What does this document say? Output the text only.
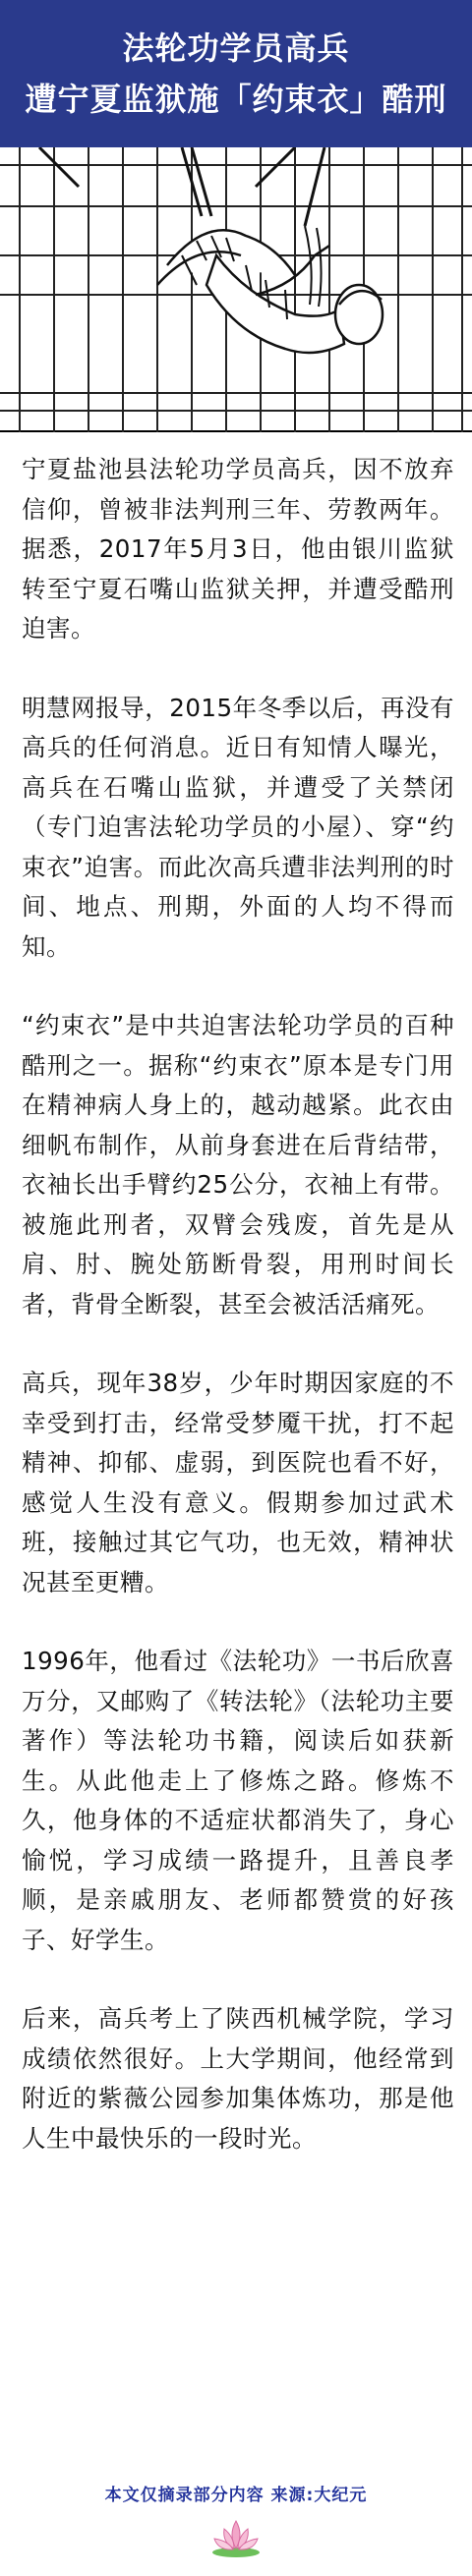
法轮功学员高兵
遭宁夏监狱施「约束衣」酷刑

宁夏盐池县法轮功学员高兵，因不放弃信仰，曾被非法判刑三年、劳教两年。据悉，2017年5月3日，他由银川监狱转至宁夏石嘴山监狱关押，并遭受酷刑迫害。

明慧网报导，2015年冬季以后，再没有高兵的任何消息。近日有知情人曝光，高兵在石嘴山监狱，并遭受了关禁闭（专门迫害法轮功学员的小屋）、穿“约束衣”迫害。而此次高兵遭非法判刑的时间、地点、刑期，外面的人均不得而知。

“约束衣”是中共迫害法轮功学员的百种酷刑之一。据称“约束衣”原本是专门用在精神病人身上的，越动越紧。此衣由细帆布制作，从前身套进在后背结带，衣袖长出手臂约25公分，衣袖上有带。被施此刑者，双臂会残废，首先是从肩、肘、腕处筋断骨裂，用刑时间长者，背骨全断裂，甚至会被活活痛死。

高兵，现年38岁，少年时期因家庭的不幸受到打击，经常受梦魇干扰，打不起精神、抑郁、虚弱，到医院也看不好，感觉人生没有意义。假期参加过武术班，接触过其它气功，也无效，精神状况甚至更糟。

1996年，他看过《法轮功》一书后欣喜万分，又邮购了《转法轮》（法轮功主要著作）等法轮功书籍，阅读后如获新生。从此他走上了修炼之路。修炼不久，他身体的不适症状都消失了，身心愉悦，学习成绩一路提升，且善良孝顺，是亲戚朋友、老师都赞赏的好孩子、好学生。

后来，高兵考上了陕西机械学院，学习成绩依然很好。上大学期间，他经常到附近的紫薇公园参加集体炼功，那是他人生中最快乐的一段时光。

本文仅摘录部分内容 来源:大纪元
